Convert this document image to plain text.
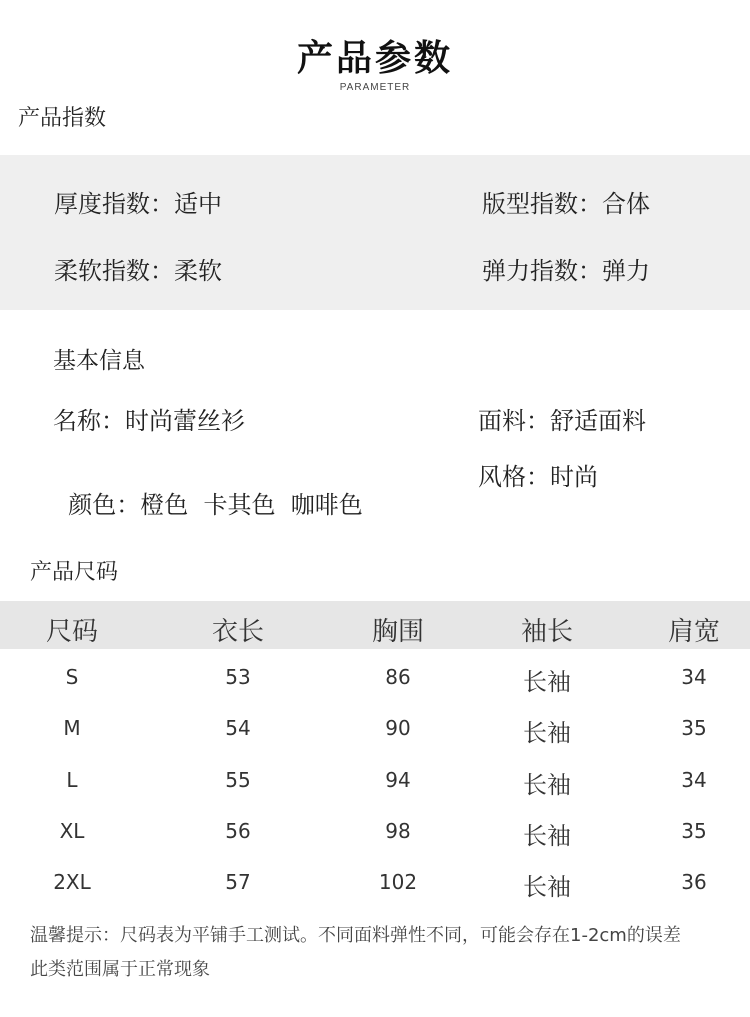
产品参数
PARAMETER
产品指数
厚度指数：适中	版型指数：合体
柔软指数：柔软	弹力指数：弹力
基本信息
名称：时尚蕾丝衫	面料：舒适面料

颜色：橙色  卡其色  咖啡色

风格：时尚
产品尺码
尺码	衣长	胸围	袖长	肩宽
S	53	86	长袖	34
M	54	90	长袖	35
L	55	94	长袖	34
XL	56	98	长袖	35
2XL	57	102	长袖	36
温馨提示：尺码表为平铺手工测试。不同面料弹性不同，可能会存在1-2cm的误差
此类范围属于正常现象
